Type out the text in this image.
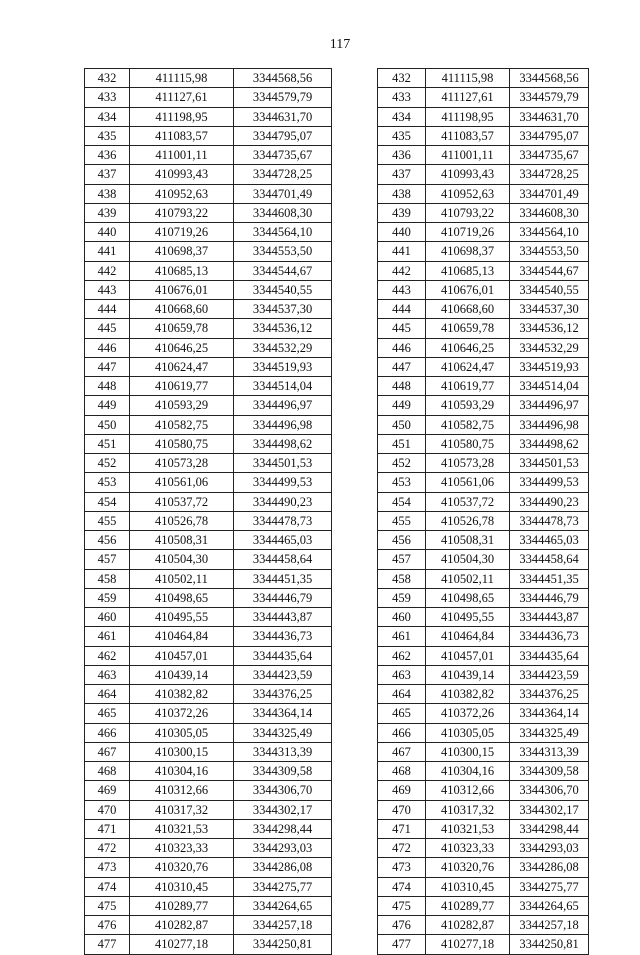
117
432	411115,98	3344568,56
433	411127,61	3344579,79
434	411198,95	3344631,70
435	411083,57	3344795,07
436	411001,11	3344735,67
437	410993,43	3344728,25
438	410952,63	3344701,49
439	410793,22	3344608,30
440	410719,26	3344564,10
441	410698,37	3344553,50
442	410685,13	3344544,67
443	410676,01	3344540,55
444	410668,60	3344537,30
445	410659,78	3344536,12
446	410646,25	3344532,29
447	410624,47	3344519,93
448	410619,77	3344514,04
449	410593,29	3344496,97
450	410582,75	3344496,98
451	410580,75	3344498,62
452	410573,28	3344501,53
453	410561,06	3344499,53
454	410537,72	3344490,23
455	410526,78	3344478,73
456	410508,31	3344465,03
457	410504,30	3344458,64
458	410502,11	3344451,35
459	410498,65	3344446,79
460	410495,55	3344443,87
461	410464,84	3344436,73
462	410457,01	3344435,64
463	410439,14	3344423,59
464	410382,82	3344376,25
465	410372,26	3344364,14
466	410305,05	3344325,49
467	410300,15	3344313,39
468	410304,16	3344309,58
469	410312,66	3344306,70
470	410317,32	3344302,17
471	410321,53	3344298,44
472	410323,33	3344293,03
473	410320,76	3344286,08
474	410310,45	3344275,77
475	410289,77	3344264,65
476	410282,87	3344257,18
477	410277,18	3344250,81
432	411115,98	3344568,56
433	411127,61	3344579,79
434	411198,95	3344631,70
435	411083,57	3344795,07
436	411001,11	3344735,67
437	410993,43	3344728,25
438	410952,63	3344701,49
439	410793,22	3344608,30
440	410719,26	3344564,10
441	410698,37	3344553,50
442	410685,13	3344544,67
443	410676,01	3344540,55
444	410668,60	3344537,30
445	410659,78	3344536,12
446	410646,25	3344532,29
447	410624,47	3344519,93
448	410619,77	3344514,04
449	410593,29	3344496,97
450	410582,75	3344496,98
451	410580,75	3344498,62
452	410573,28	3344501,53
453	410561,06	3344499,53
454	410537,72	3344490,23
455	410526,78	3344478,73
456	410508,31	3344465,03
457	410504,30	3344458,64
458	410502,11	3344451,35
459	410498,65	3344446,79
460	410495,55	3344443,87
461	410464,84	3344436,73
462	410457,01	3344435,64
463	410439,14	3344423,59
464	410382,82	3344376,25
465	410372,26	3344364,14
466	410305,05	3344325,49
467	410300,15	3344313,39
468	410304,16	3344309,58
469	410312,66	3344306,70
470	410317,32	3344302,17
471	410321,53	3344298,44
472	410323,33	3344293,03
473	410320,76	3344286,08
474	410310,45	3344275,77
475	410289,77	3344264,65
476	410282,87	3344257,18
477	410277,18	3344250,81
